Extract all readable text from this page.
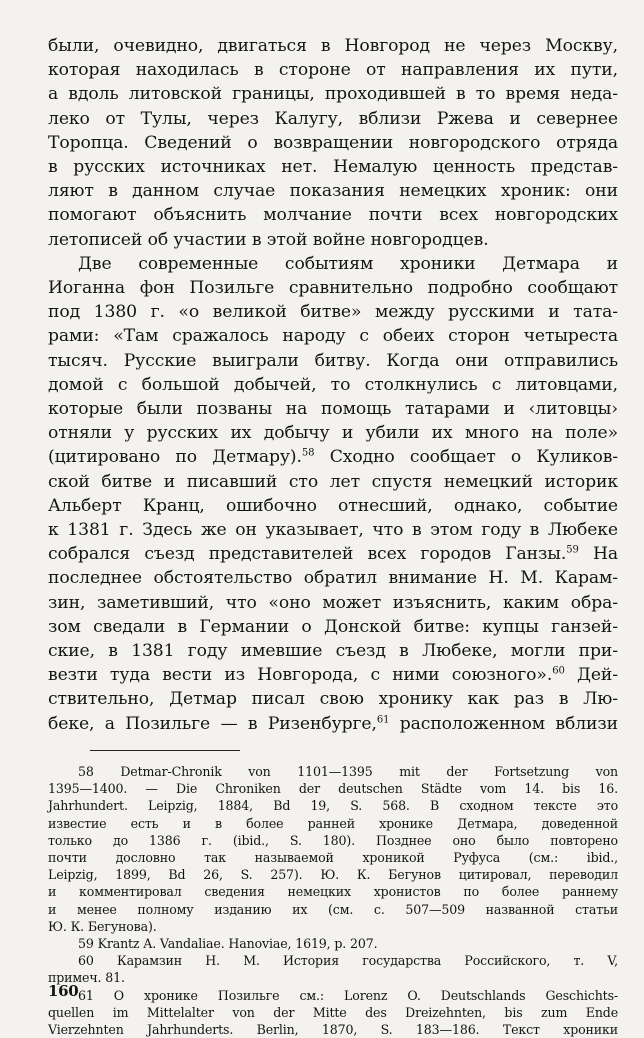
были, очевидно, двигаться в Новгород не через Москву,
которая находилась в стороне от направления их пути,
а вдоль литовской границы, проходившей в то время неда-
леко от Тулы, через Калугу, вблизи Ржева и севернее
Торопца. Сведений о возвращении новгородского отряда
в русских источниках нет. Немалую ценность представ-
ляют в данном случае показания немецких хроник: они
помогают объяснить молчание почти всех новгородских
летописей об участии в этой войне новгородцев.
Две современные событиям хроники Детмара и
Иоганна фон Позильге сравнительно подробно сообщают
под 1380 г. «о великой битве» между русскими и тата-
рами: «Там сражалось народу с обеих сторон четыреста
тысяч. Русские выиграли битву. Когда они отправились
домой с большой добычей, то столкнулись с литовцами,
которые были позваны на помощь татарами и ‹литовцы›
отняли у русских их добычу и убили их много на поле»
(цитировано по Детмару).$^{58}$ Сходно сообщает о Куликов-
ской битве и писавший сто лет спустя немецкий историк
Альберт Кранц, ошибочно отнесший, однако, событие
к 1381 г. Здесь же он указывает, что в этом году в Любеке
собрался съезд представителей всех городов Ганзы.$^{59}$ На
последнее обстоятельство обратил внимание Н. М. Карам-
зин, заметивший, что «оно может изъяснить, каким обра-
зом сведали в Германии о Донской битве: купцы ганзей-
ские, в 1381 году имевшие съезд в Любеке, могли при-
везти туда вести из Новгорода, с ними союзного».$^{60}$ Дей-
ствительно, Детмар писал свою хронику как раз в Лю-
беке, а Позильге — в Ризенбурге,$^{61}$ расположенном вблизи
58 Detmar-Chronik von 1101—1395 mit der Fortsetzung von
1395—1400. — Die Chroniken der deutschen Städte vom 14. bis 16.
Jahrhundert. Leipzig, 1884, Bd 19, S. 568. В сходном тексте это
известие есть и в более ранней хронике Детмара, доведенной
только до 1386 г. (ibid., S. 180). Позднее оно было повторено
почти дословно так называемой хроникой Руфуса (см.: ibid.,
Leipzig, 1899, Bd 26, S. 257). Ю. К. Бегунов цитировал, переводил
и комментировал сведения немецких хронистов по более раннему
и менее полному изданию их (см. с. 507—509 названной статьи
Ю. К. Бегунова).
59 Krantz A. Vandaliae. Hanoviae, 1619, p. 207.
60 Карамзин Н. М. История государства Российского, т. V,
примеч. 81.
61 О хронике Позильге см.: Lorenz O. Deutschlands Geschichts-
quellen im Mittelalter von der Mitte des Dreizehnten, bis zum Ende
Vierzehnten Jahrhunderts. Berlin, 1870, S. 183—186. Текст хроники
160
